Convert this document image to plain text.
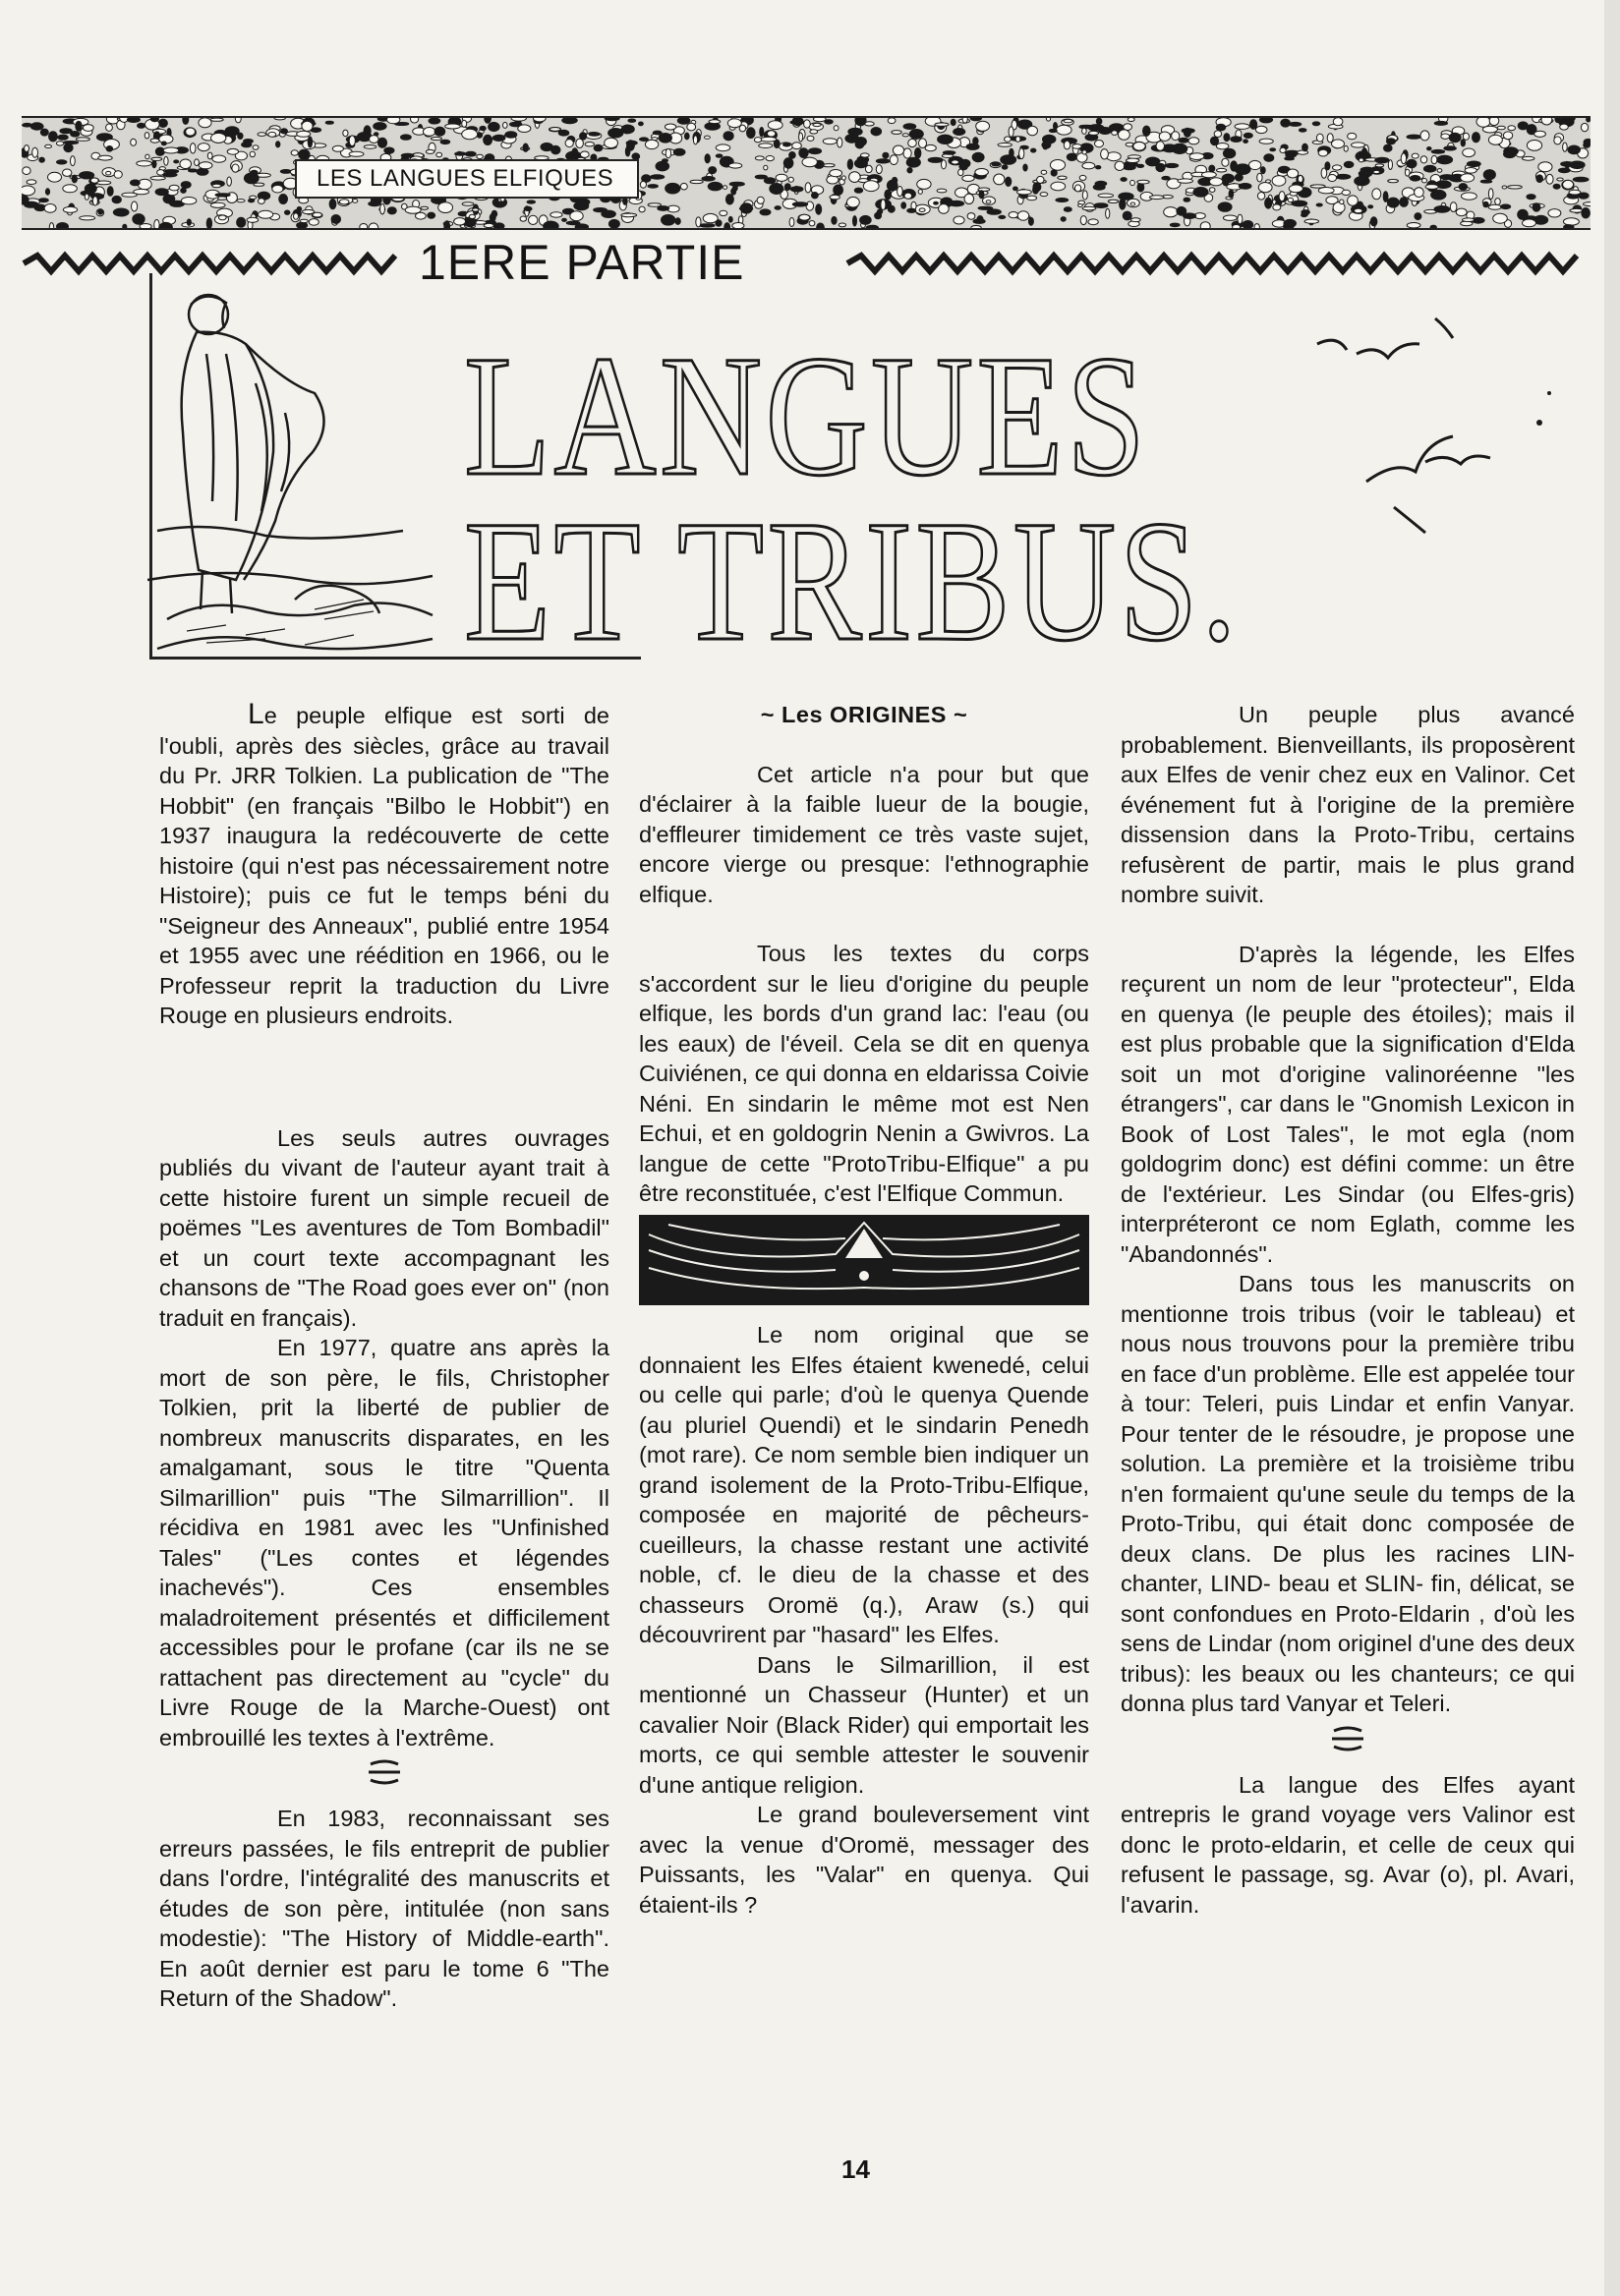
LES LANGUES ELFIQUES
1ERE PARTIE
LANGUES
ET TRIBUS.

Le peuple elfique est sorti de l'oubli, après des siècles, grâce au travail du Pr. JRR Tolkien. La publication de "The Hobbit" (en français "Bilbo le Hobbit") en 1937 inaugura la redécouverte de cette histoire (qui n'est pas nécessairement notre Histoire); puis ce fut le temps béni du "Seigneur des Anneaux", publié entre 1954 et 1955 avec une réédition en 1966, ou le Professeur reprit la traduction du Livre Rouge en plusieurs endroits.

Les seuls autres ouvrages publiés du vivant de l'auteur ayant trait à cette histoire furent un simple recueil de poëmes "Les aventures de Tom Bombadil" et un court texte accompagnant les chansons de "The Road goes ever on" (non traduit en français).

En 1977, quatre ans après la mort de son père, le fils, Christopher Tolkien, prit la liberté de publier de nombreux manuscrits disparates, en les amalgamant, sous le titre "Quenta Silmarillion" puis "The Silmarrillion". Il récidiva en 1981 avec les "Unfinished Tales" ("Les contes et légendes inachevés"). Ces ensembles maladroitement présentés et difficilement accessibles pour le profane (car ils ne se rattachent pas directement au "cycle" du Livre Rouge de la Marche-Ouest) ont embrouillé les textes à l'extrême.

En 1983, reconnaissant ses erreurs passées, le fils entreprit de publier dans l'ordre, l'intégralité des manuscrits et études de son père, intitulée (non sans modestie): "The History of Middle-earth". En août dernier est paru le tome 6 "The Return of the Shadow".

~ Les ORIGINES ~

Cet article n'a pour but que d'éclairer à la faible lueur de la bougie, d'effleurer timidement ce très vaste sujet, encore vierge ou presque: l'ethnographie elfique.

Tous les textes du corps s'accordent sur le lieu d'origine du peuple elfique, les bords d'un grand lac: l'eau (ou les eaux) de l'éveil. Cela se dit en quenya Cuiviénen, ce qui donna en eldarissa Coivie Néni. En sindarin le même mot est Nen Echui, et en goldogrin Nenin a Gwivros. La langue de cette "ProtoTribu-Elfique" a pu être reconstituée, c'est l'Elfique Commun.

Le nom original que se donnaient les Elfes étaient kwenedé, celui ou celle qui parle; d'où le quenya Quende (au pluriel Quendi) et le sindarin Penedh (mot rare). Ce nom semble bien indiquer un grand isolement de la Proto-Tribu-Elfique, composée en majorité de pêcheurs-cueilleurs, la chasse restant une activité noble, cf. le dieu de la chasse et des chasseurs Oromë (q.), Araw (s.) qui découvrirent par "hasard" les Elfes.

Dans le Silmarillion, il est mentionné un Chasseur (Hunter) et un cavalier Noir (Black Rider) qui emportait les morts, ce qui semble attester le souvenir d'une antique religion.

Le grand bouleversement vint avec la venue d'Oromë, messager des Puissants, les "Valar" en quenya. Qui étaient-ils ?

Un peuple plus avancé probablement. Bienveillants, ils proposèrent aux Elfes de venir chez eux en Valinor. Cet événement fut à l'origine de la première dissension dans la Proto-Tribu, certains refusèrent de partir, mais le plus grand nombre suivit.

D'après la légende, les Elfes reçurent un nom de leur "protecteur", Elda en quenya (le peuple des étoiles); mais il est plus probable que la signification d'Elda soit un mot d'origine valinoréenne "les étrangers", car dans le "Gnomish Lexicon in Book of Lost Tales", le mot egla (nom goldogrim donc) est défini comme: un être de l'extérieur. Les Sindar (ou Elfes-gris) interpréteront ce nom Eglath, comme les "Abandonnés".

Dans tous les manuscrits on mentionne trois tribus (voir le tableau) et nous nous trouvons pour la première tribu en face d'un problème. Elle est appelée tour à tour: Teleri, puis Lindar et enfin Vanyar. Pour tenter de le résoudre, je propose une solution. La première et la troisième tribu n'en formaient qu'une seule du temps de la Proto-Tribu, qui était donc composée de deux clans. De plus les racines LIN- chanter, LIND- beau et SLIN- fin, délicat, se sont confondues en Proto-Eldarin , d'où les sens de Lindar (nom originel d'une des deux tribus): les beaux ou les chanteurs; ce qui donna plus tard Vanyar et Teleri.

La langue des Elfes ayant entrepris le grand voyage vers Valinor est donc le proto-eldarin, et celle de ceux qui refusent le passage, sg. Avar (o), pl. Avari, l'avarin.

14
